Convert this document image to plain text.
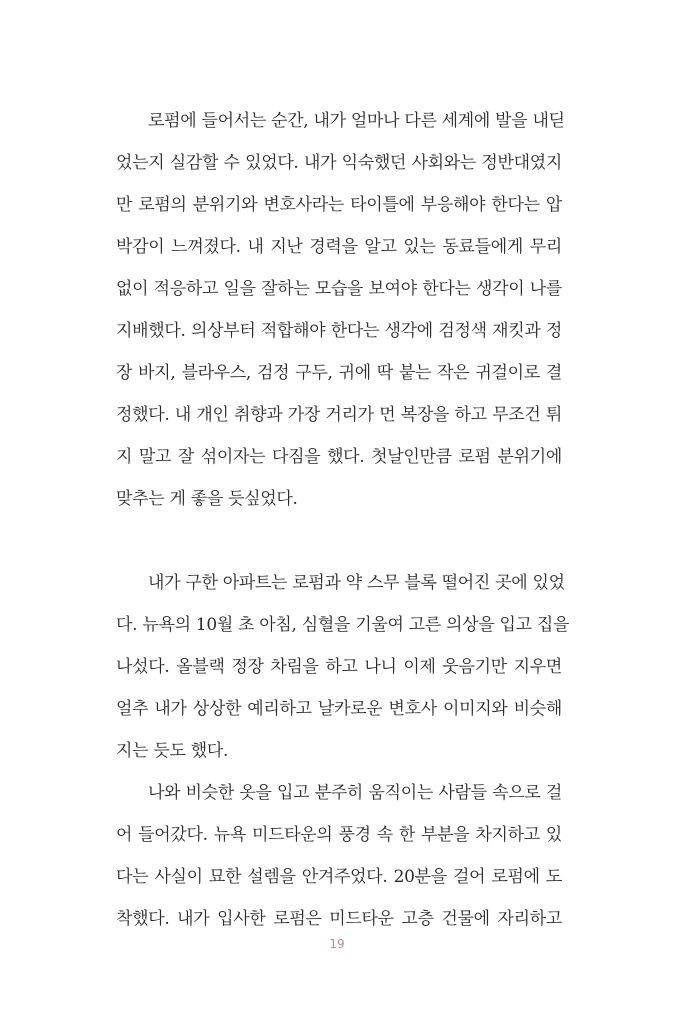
로펌에 들어서는 순간, 내가 얼마나 다른 세계에 발을 내딛
었는지 실감할 수 있었다. 내가 익숙했던 사회와는 정반대였지
만 로펌의 분위기와 변호사라는 타이틀에 부응해야 한다는 압
박감이 느껴졌다. 내 지난 경력을 알고 있는 동료들에게 무리
없이 적응하고 일을 잘하는 모습을 보여야 한다는 생각이 나를
지배했다. 의상부터 적합해야 한다는 생각에 검정색 재킷과 정
장 바지, 블라우스, 검정 구두, 귀에 딱 붙는 작은 귀걸이로 결
정했다. 내 개인 취향과 가장 거리가 먼 복장을 하고 무조건 튀
지 말고 잘 섞이자는 다짐을 했다. 첫날인만큼 로펌 분위기에
맞추는 게 좋을 듯싶었다.
내가 구한 아파트는 로펌과 약 스무 블록 떨어진 곳에 있었
다. 뉴욕의 10월 초 아침, 심혈을 기울여 고른 의상을 입고 집을
나섰다. 올블랙 정장 차림을 하고 나니 이제 웃음기만 지우면
얼추 내가 상상한 예리하고 날카로운 변호사 이미지와 비슷해
지는 듯도 했다.
나와 비슷한 옷을 입고 분주히 움직이는 사람들 속으로 걸
어 들어갔다. 뉴욕 미드타운의 풍경 속 한 부분을 차지하고 있
다는 사실이 묘한 설렘을 안겨주었다. 20분을 걸어 로펌에 도
착했다. 내가 입사한 로펌은 미드타운 고층 건물에 자리하고
19
